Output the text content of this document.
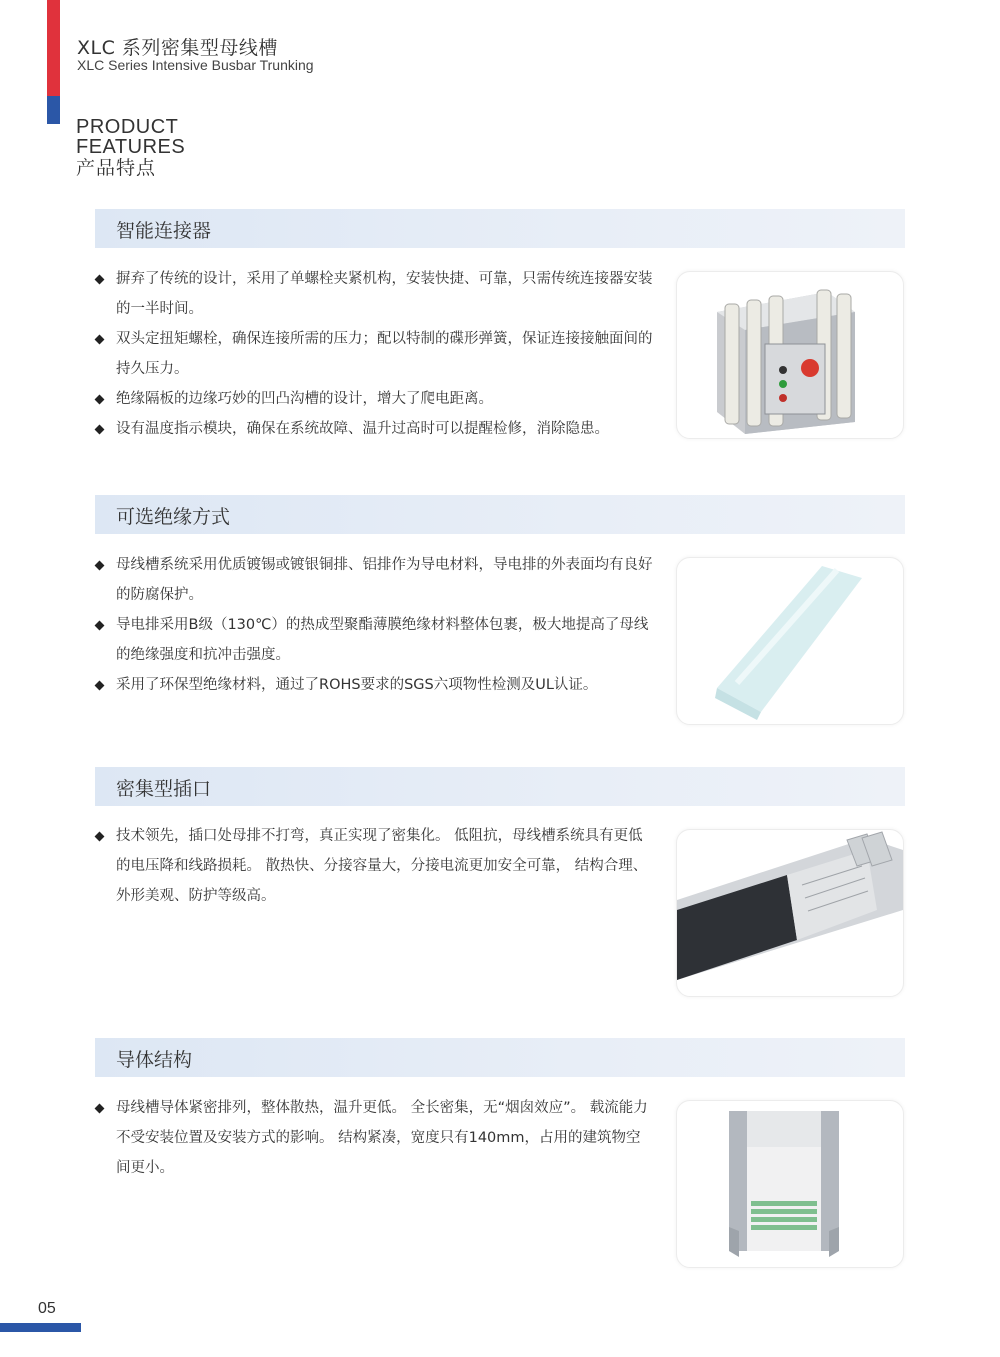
XLC 系列密集型母线槽
XLC Series Intensive Busbar Trunking
PRODUCT
FEATURES
产品特点
智能连接器
摒弃了传统的设计，采用了单螺栓夹紧机构，安装快捷、可靠，只需传统连接器安装的一半时间。
双头定扭矩螺栓，确保连接所需的压力；配以特制的碟形弹簧，保证连接接触面间的持久压力。
绝缘隔板的边缘巧妙的凹凸沟槽的设计，增大了爬电距离。
设有温度指示模块，确保在系统故障、温升过高时可以提醒检修，消除隐患。
可选绝缘方式
母线槽系统采用优质镀锡或镀银铜排、铝排作为导电材料，导电排的外表面均有良好的防腐保护。
导电排采用B级（130℃）的热成型聚酯薄膜绝缘材料整体包裹，极大地提高了母线的绝缘强度和抗冲击强度。
采用了环保型绝缘材料，通过了ROHS要求的SGS六项物性检测及UL认证。
密集型插口
技术领先，插口处母排不打弯，真正实现了密集化。 低阻抗，母线槽系统具有更低的电压降和线路损耗。 散热快、分接容量大，分接电流更加安全可靠， 结构合理、外形美观、防护等级高。
导体结构
母线槽导体紧密排列，整体散热，温升更低。 全长密集，无“烟囱效应”。 载流能力不受安装位置及安装方式的影响。 结构紧凑，宽度只有140mm，占用的建筑物空间更小。
05
